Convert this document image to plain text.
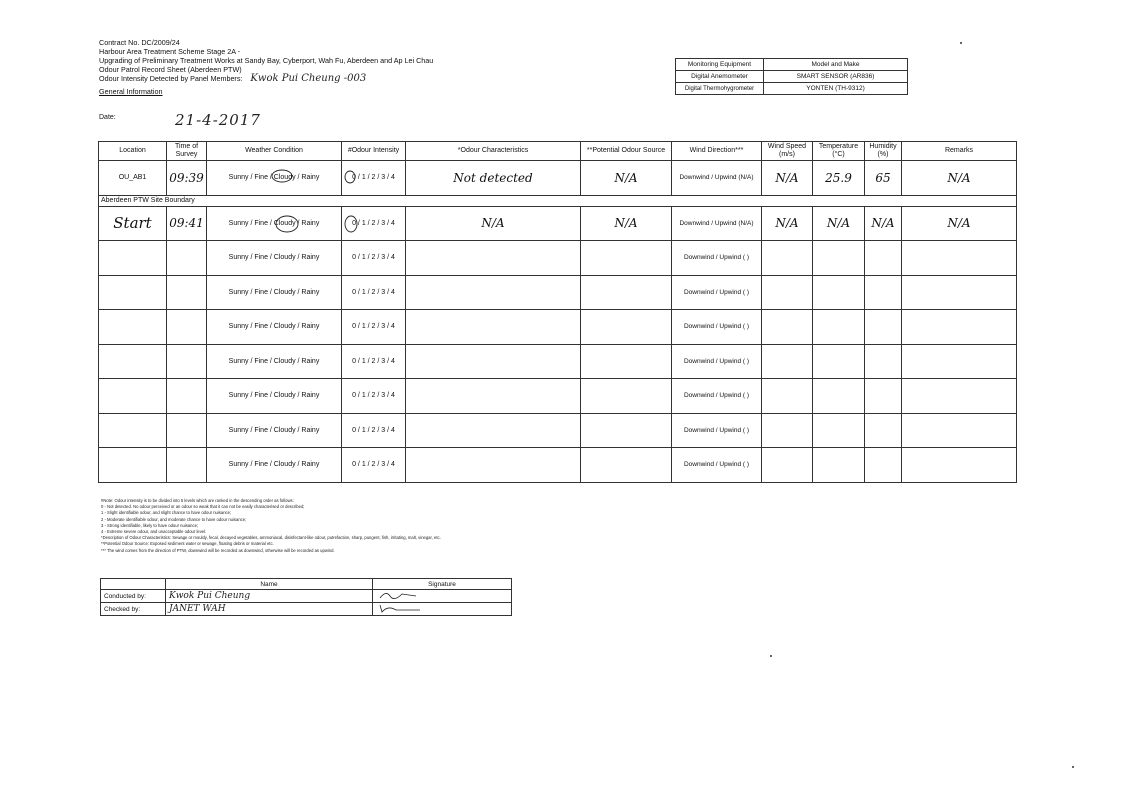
Contract No. DC/2009/24
Harbour Area Treatment Scheme Stage 2A -
Upgrading of Preliminary Treatment Works at Sandy Bay, Cyberport, Wah Fu, Aberdeen and Ap Lei Chau
Odour Patrol Record Sheet (Aberdeen PTW)
Odour Intensity Detected by Panel Members: Kwok Pui Cheung -003
General Information
Date:	21-4-2017
Monitoring Equipment	Model and Make
Digital Anemometer	SMART SENSOR (AR836)
Digital Thermohygrometer	YONTEN (TH-9312)
Location	Time of Survey	Weather Condition	#Odour Intensity	*Odour Characteristics	**Potential Odour Source	Wind Direction***	Wind Speed (m/s)	Temperature (°C)	Humidity (%)	Remarks
OU_AB1	09:39	Sunny / Fine / Cloudy / Rainy	0 / 1 / 2 / 3 / 4	Not detected	N/A	Downwind / Upwind (N/A)	N/A	25.9	65	N/A
Aberdeen PTW Site Boundary										
Start	09:41	Sunny / Fine / Cloudy / Rainy	0 / 1 / 2 / 3 / 4	N/A	N/A	Downwind / Upwind (N/A)	N/A	N/A	N/A	N/A
		Sunny / Fine / Cloudy / Rainy	0 / 1 / 2 / 3 / 4			Downwind / Upwind ( )				
		Sunny / Fine / Cloudy / Rainy	0 / 1 / 2 / 3 / 4			Downwind / Upwind ( )				
		Sunny / Fine / Cloudy / Rainy	0 / 1 / 2 / 3 / 4			Downwind / Upwind ( )				
		Sunny / Fine / Cloudy / Rainy	0 / 1 / 2 / 3 / 4			Downwind / Upwind ( )				
		Sunny / Fine / Cloudy / Rainy	0 / 1 / 2 / 3 / 4			Downwind / Upwind ( )				
		Sunny / Fine / Cloudy / Rainy	0 / 1 / 2 / 3 / 4			Downwind / Upwind ( )				
		Sunny / Fine / Cloudy / Rainy	0 / 1 / 2 / 3 / 4			Downwind / Upwind ( )				
#Note: Odour intensity is to be divided into 5 levels which are ranked in the descending order as follows:
0 - Not detected. No odour perceived or an odour so weak that it can not be easily characterised or described;
1 - Slight identifiable odour, and slight chance to have odour nuisance;
2 - Moderate identifiable odour, and moderate chance to have odour nuisance;
3 - Strong identifiable, likely to have odour nuisance;
4 - Extreme severe odour, and unacceptable odour level.
*Description of Odour Characteristics: Sewage or mouldy, fecal, decayed vegetables, ammoniacal, disinfectant-like odour, putrefaction, sharp, pungent, fish, irritating, malt, vinegar, etc.
**Potential Odour Source: Exposed sediment water or sewage, floating debris or material etc.
*** The wind comes from the direction of PTW, downwind will be recorded as downwind, otherwise will be recorded as upwind.
	Name	Signature
Conducted by:	Kwok Pui Cheung	
Checked by:	JANET WAH	
